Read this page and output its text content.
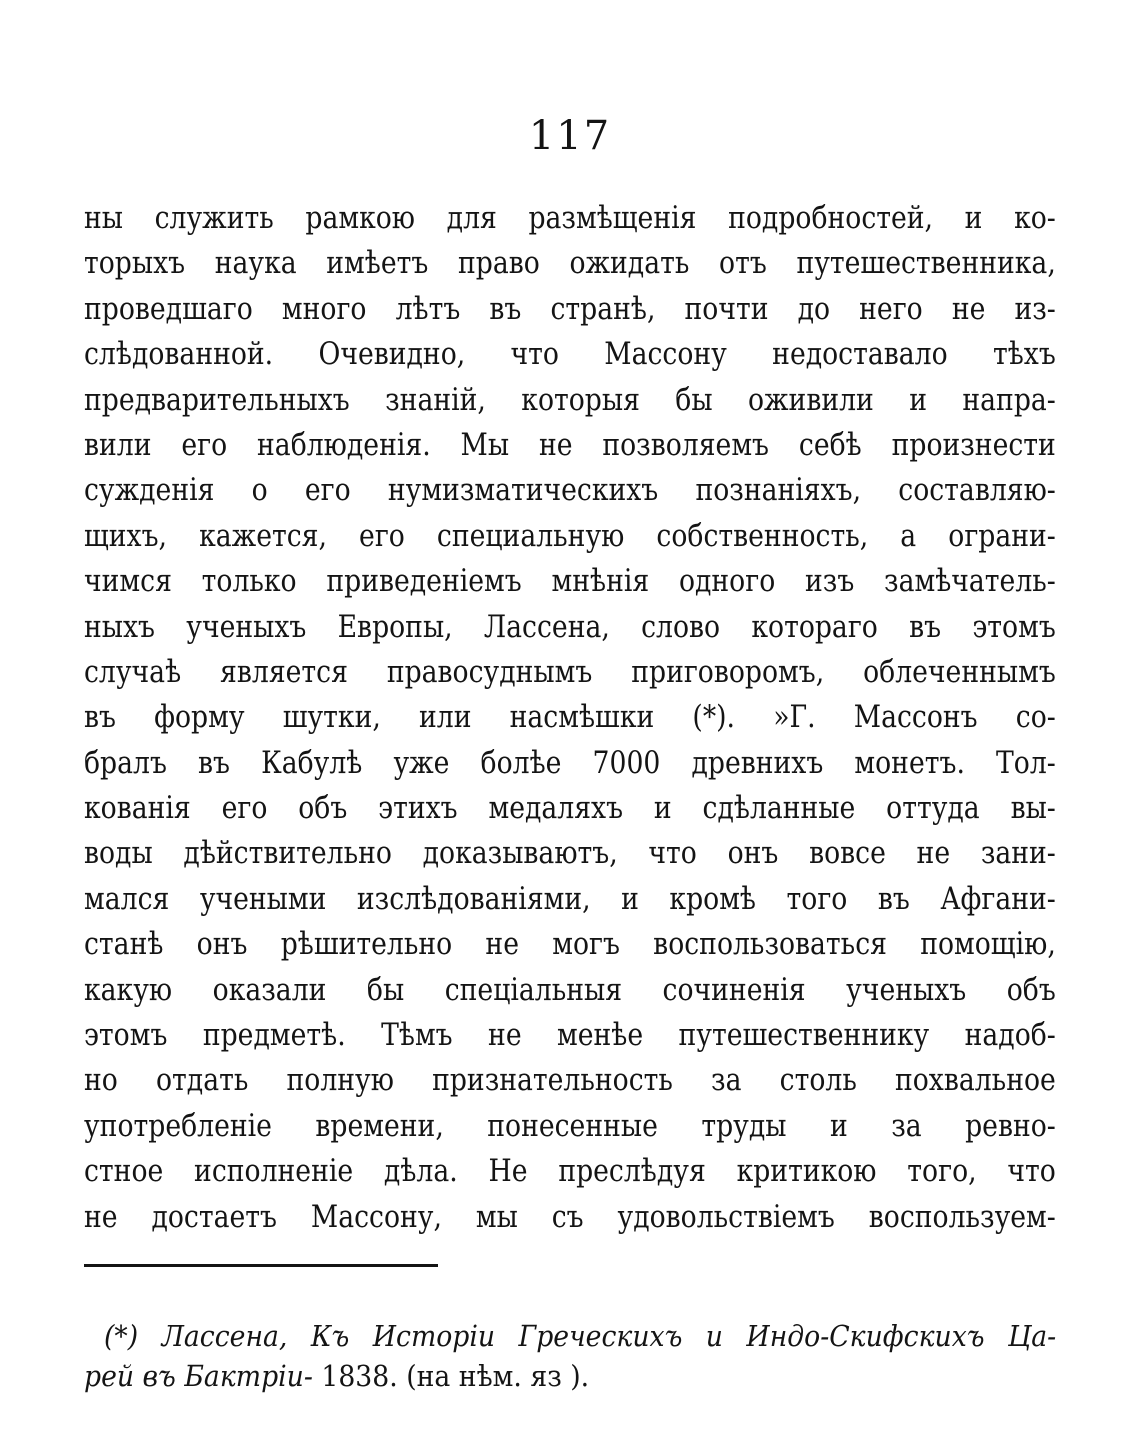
117
ны служить рамкою для размѣщенія подробностей, и ко-
торыхъ наука имѣетъ право ожидать отъ путешественника,
проведшаго много лѣтъ въ странѣ, почти до него не из-
слѣдованной. Очевидно, что Массону недоставало тѣхъ
предварительныхъ знаній, которыя бы оживили и напра-
вили его наблюденія. Мы не позволяемъ себѣ произнести
сужденія о его нумизматическихъ познаніяхъ, составляю-
щихъ, кажется, его специальную собственность, а ограни-
чимся только приведеніемъ мнѣнія одного изъ замѣчатель-
ныхъ ученыхъ Европы, Лассена, слово котораго въ этомъ
случаѣ является правосуднымъ приговоромъ, облеченнымъ
въ форму шутки, или насмѣшки (*). »Г. Массонъ со-
бралъ въ Кабулѣ уже болѣе 7000 древнихъ монетъ. Тол-
кованія его объ этихъ медаляхъ и сдѣланные оттуда вы-
воды дѣйствительно доказываютъ, что онъ вовсе не зани-
мался учеными изслѣдованіями, и кромѣ того въ Афгани-
станѣ онъ рѣшительно не могъ воспользоваться помощію,
какую оказали бы спеціальныя сочиненія ученыхъ объ
этомъ предметѣ. Тѣмъ не менѣе путешественнику надоб-
но отдать полную признательность за столь похвальное
употребленіе времени, понесенные труды и за ревно-
стное исполненіе дѣла. Не преслѣдуя критикою того, что
не достаетъ Массону, мы съ удовольствіемъ воспользуем-
(*) Лассена, Къ Исторіи Греческихъ и Индо-Скифскихъ Ца-
рей въ Бактріи- 1838. (на нѣм. яз ).
